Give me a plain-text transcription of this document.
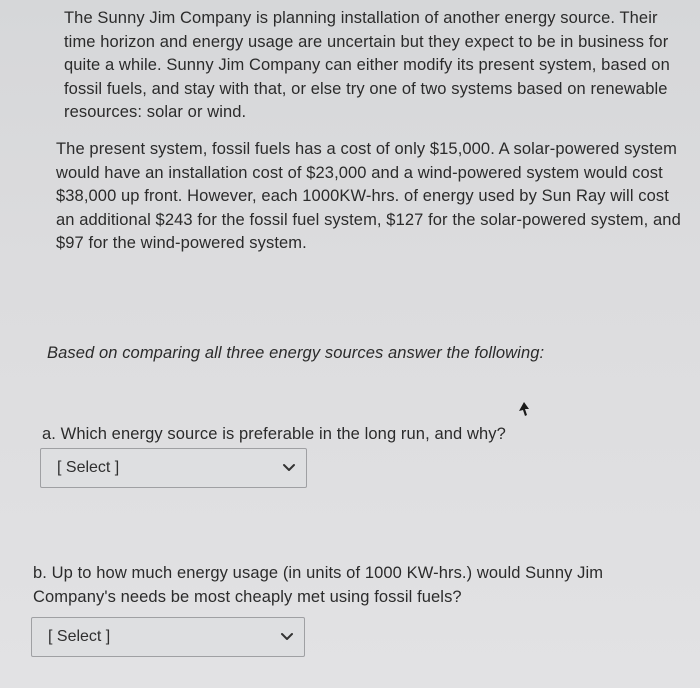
The Sunny Jim Company is planning installation of another energy source. Their time horizon and energy usage are uncertain but they expect to be in business for quite a while. Sunny Jim Company can either modify its present system, based on fossil fuels, and stay with that, or else try one of two systems based on renewable resources: solar or wind.

The present system, fossil fuels has a cost of only $15,000. A solar-powered system would have an installation cost of $23,000 and a wind-powered system would cost $38,000 up front. However, each 1000KW-hrs. of energy used by Sun Ray will cost an additional $243 for the fossil fuel system, $127 for the solar-powered system, and $97 for the wind-powered system.

Based on comparing all three energy sources answer the following:

a. Which energy source is preferable in the long run, and why?

[ Select ]

b. Up to how much energy usage (in units of 1000 KW-hrs.) would Sunny Jim Company's needs be most cheaply met using fossil fuels?

[ Select ]
